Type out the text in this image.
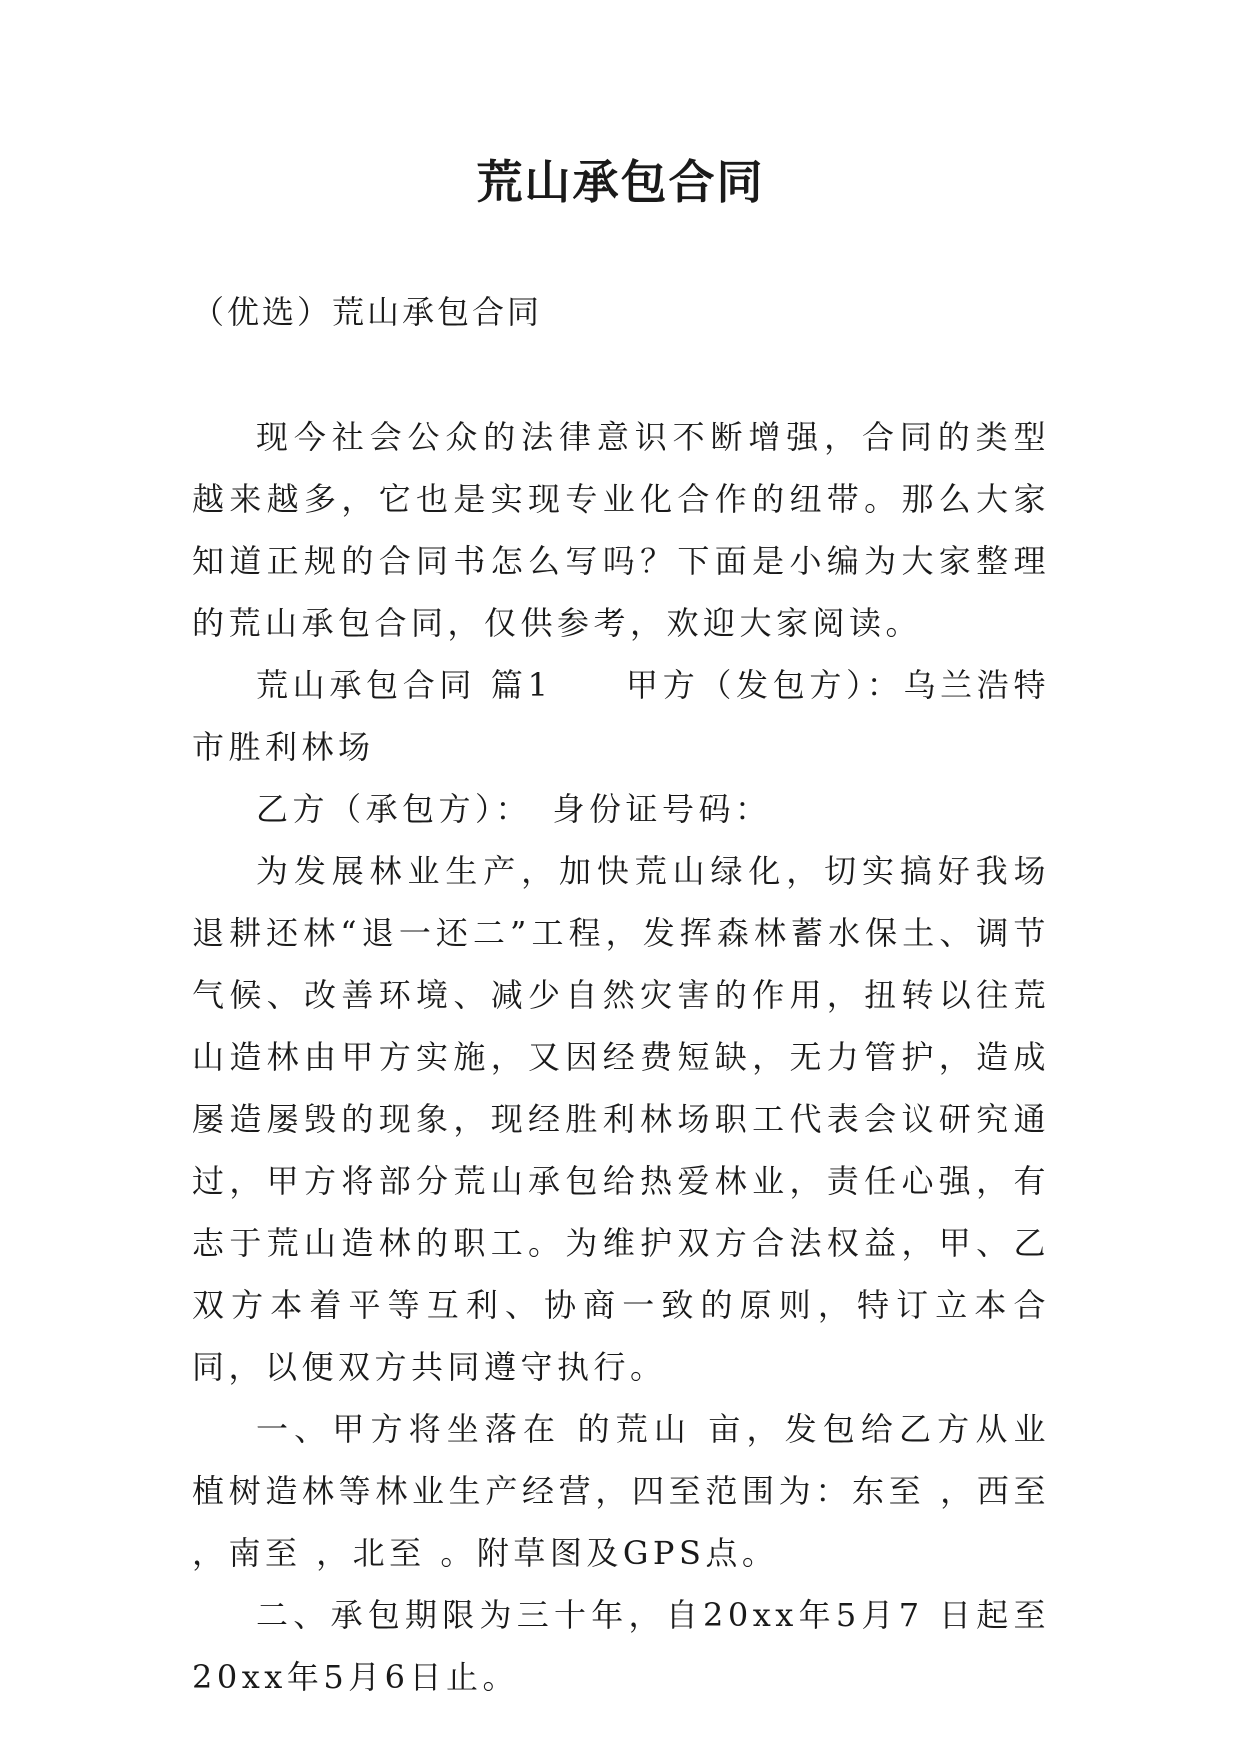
荒山承包合同
（优选）荒山承包合同

现今社会公众的法律意识不断增强，合同的类型越来越多，它也是实现专业化合作的纽带。那么大家知道正规的合同书怎么写吗？下面是小编为大家整理的荒山承包合同，仅供参考，欢迎大家阅读。

荒山承包合同 篇1　　甲方（发包方）：乌兰浩特市胜利林场

乙方（承包方）：　身份证号码：

为发展林业生产，加快荒山绿化，切实搞好我场退耕还林“退一还二”工程，发挥森林蓄水保土、调节气候、改善环境、减少自然灾害的作用，扭转以往荒山造林由甲方实施，又因经费短缺，无力管护，造成屡造屡毁的现象，现经胜利林场职工代表会议研究通过，甲方将部分荒山承包给热爱林业，责任心强，有志于荒山造林的职工。为维护双方合法权益，甲、乙双方本着平等互利、协商一致的原则，特订立本合同，以便双方共同遵守执行。

一、甲方将坐落在 的荒山 亩，发包给乙方从业植树造林等林业生产经营，四至范围为：东至 ，西至 ，南至 ，北至 。附草图及GPS点。

二、承包期限为三十年，自20xx年5月7 日起至20xx年5月6日止。
